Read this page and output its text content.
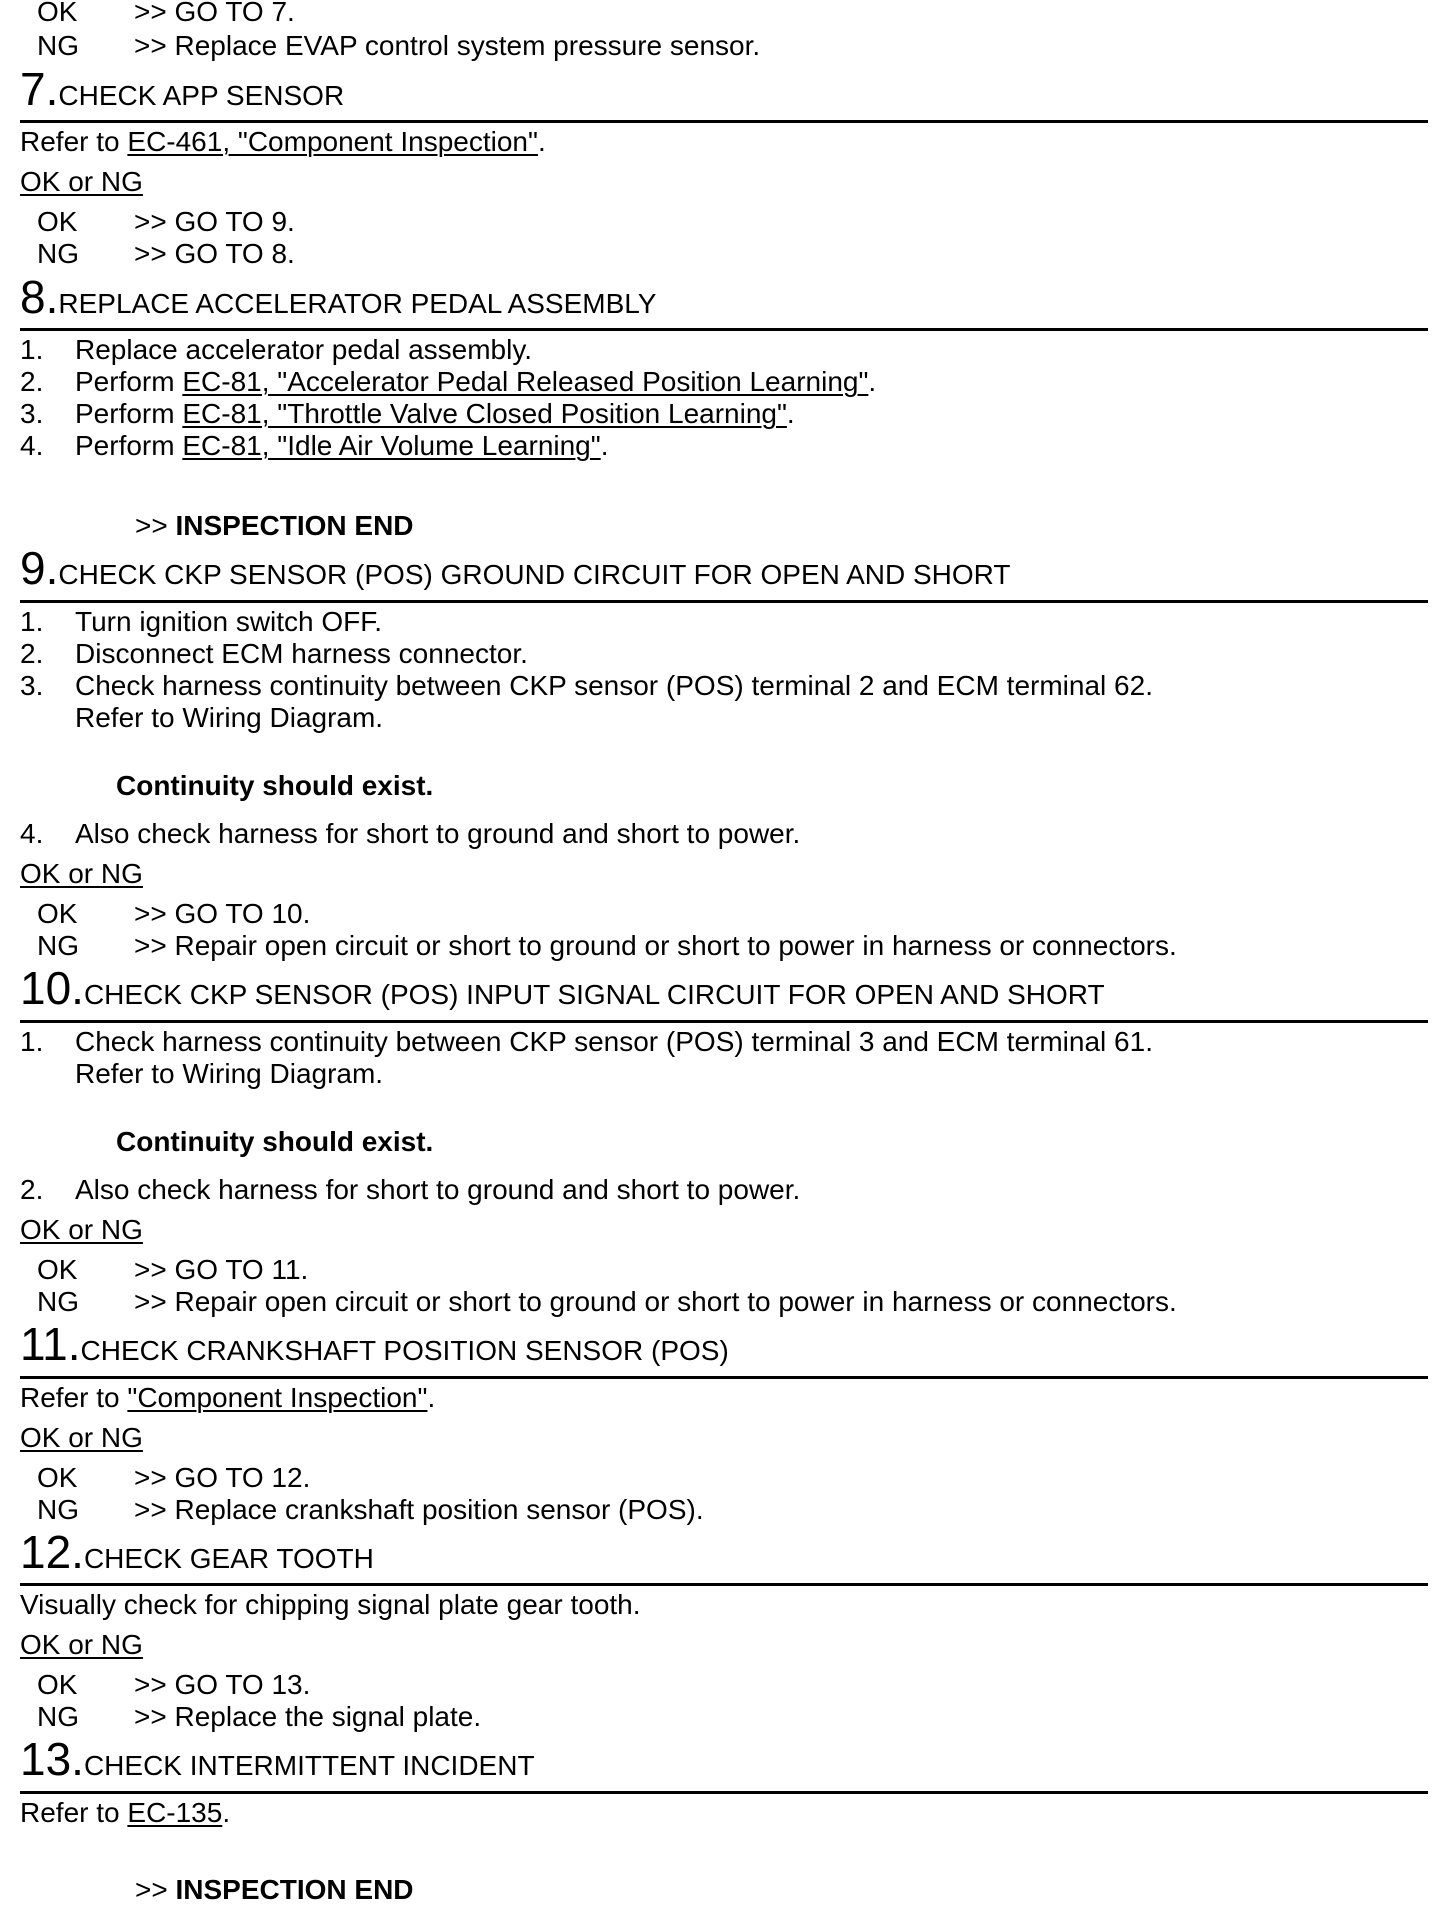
OK >> GO TO 7.
NG >> Replace EVAP control system pressure sensor.
7.CHECK APP SENSOR
Refer to EC-461, "Component Inspection".
OK or NG
OK >> GO TO 9.
NG >> GO TO 8.
8.REPLACE ACCELERATOR PEDAL ASSEMBLY
1. Replace accelerator pedal assembly.
2. Perform EC-81, "Accelerator Pedal Released Position Learning".
3. Perform EC-81, "Throttle Valve Closed Position Learning".
4. Perform EC-81, "Idle Air Volume Learning".
>> INSPECTION END
9.CHECK CKP SENSOR (POS) GROUND CIRCUIT FOR OPEN AND SHORT
1. Turn ignition switch OFF.
2. Disconnect ECM harness connector.
3. Check harness continuity between CKP sensor (POS) terminal 2 and ECM terminal 62.
Refer to Wiring Diagram.
Continuity should exist.
4. Also check harness for short to ground and short to power.
OK or NG
OK >> GO TO 10.
NG >> Repair open circuit or short to ground or short to power in harness or connectors.
10.CHECK CKP SENSOR (POS) INPUT SIGNAL CIRCUIT FOR OPEN AND SHORT
1. Check harness continuity between CKP sensor (POS) terminal 3 and ECM terminal 61.
Refer to Wiring Diagram.
Continuity should exist.
2. Also check harness for short to ground and short to power.
OK or NG
OK >> GO TO 11.
NG >> Repair open circuit or short to ground or short to power in harness or connectors.
11.CHECK CRANKSHAFT POSITION SENSOR (POS)
Refer to "Component Inspection".
OK or NG
OK >> GO TO 12.
NG >> Replace crankshaft position sensor (POS).
12.CHECK GEAR TOOTH
Visually check for chipping signal plate gear tooth.
OK or NG
OK >> GO TO 13.
NG >> Replace the signal plate.
13.CHECK INTERMITTENT INCIDENT
Refer to EC-135.
>> INSPECTION END
